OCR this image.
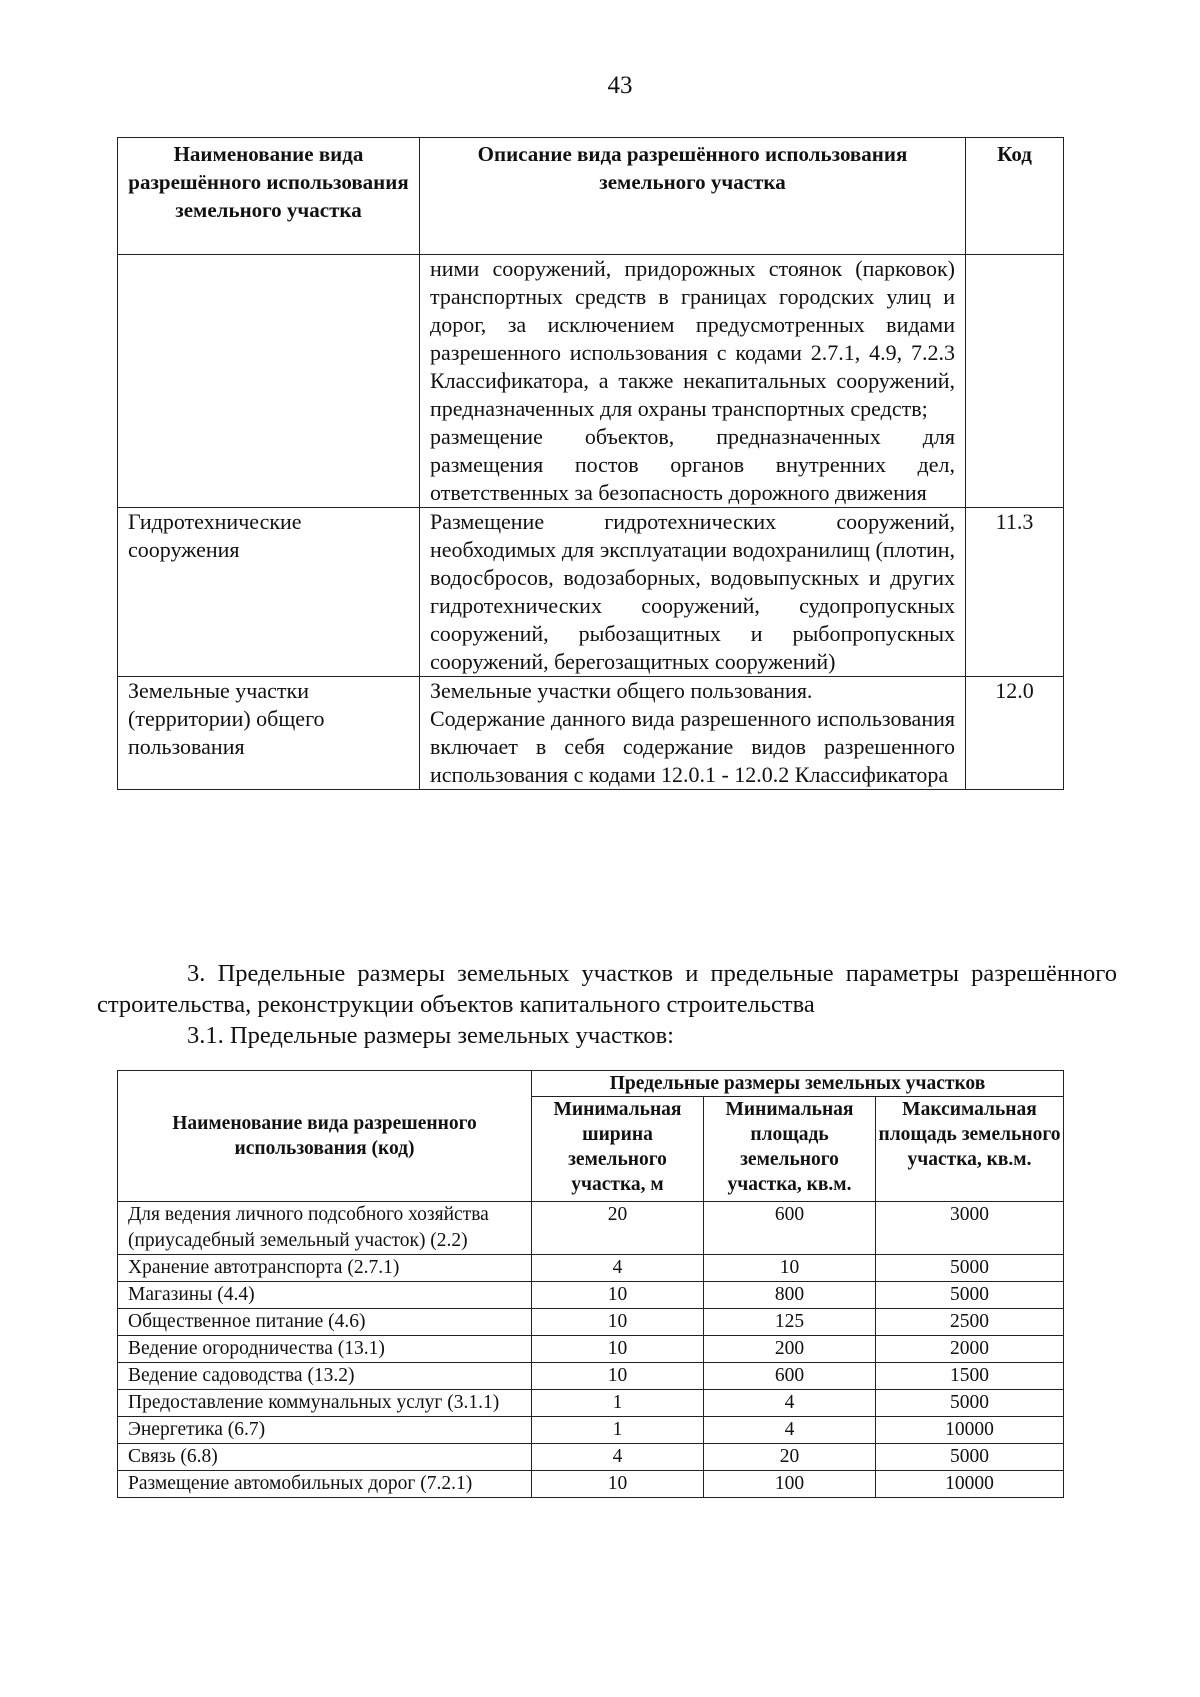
43
Наименование вида разрешённого использования земельного участка	Описание вида разрешённого использования земельного участка	Код

	ними сооружений, придорожных стоянок (парковок) транспортных средств в границах городских улиц и дорог, за исключением предусмотренных видами разрешенного использования с кодами 2.7.1, 4.9, 7.2.3 Классификатора, а также некапитальных сооружений, предназначенных для охраны транспортных средств;
размещение объектов, предназначенных для размещения постов органов внутренних дел, ответственных за безопасность дорожного движения	

Гидротехнические сооружения	Размещение гидротехнических сооружений, необходимых для эксплуатации водохранилищ (плотин, водосбросов, водозаборных, водовыпускных и других гидротехнических сооружений, судопропускных сооружений, рыбозащитных и рыбопропускных сооружений, берегозащитных сооружений)	11.3
Земельные участки (территории) общего пользования	Земельные участки общего пользования.
Содержание данного вида разрешенного использования включает в себя содержание видов разрешенного использования с кодами 12.0.1 - 12.0.2 Классификатора	12.0

3. Предельные размеры земельных участков и предельные параметры разрешённого строительства, реконструкции объектов капитального строительства

3.1. Предельные размеры земельных участков:

Наименование вида разрешенного использования (код)	Предельные размеры земельных участков		
	Минимальная ширина земельного участка, м	Минимальная площадь земельного участка, кв.м.	Максимальная площадь земельного участка, кв.м.
Для ведения личного подсобного хозяйства (приусадебный земельный участок) (2.2)	20	600	3000
Хранение автотранспорта (2.7.1)	4	10	5000
Магазины (4.4)	10	800	5000
Общественное питание (4.6)	10	125	2500
Ведение огородничества (13.1)	10	200	2000
Ведение садоводства (13.2)	10	600	1500
Предоставление коммунальных услуг (3.1.1)	1	4	5000
Энергетика (6.7)	1	4	10000
Связь (6.8)	4	20	5000
Размещение автомобильных дорог (7.2.1)	10	100	10000
